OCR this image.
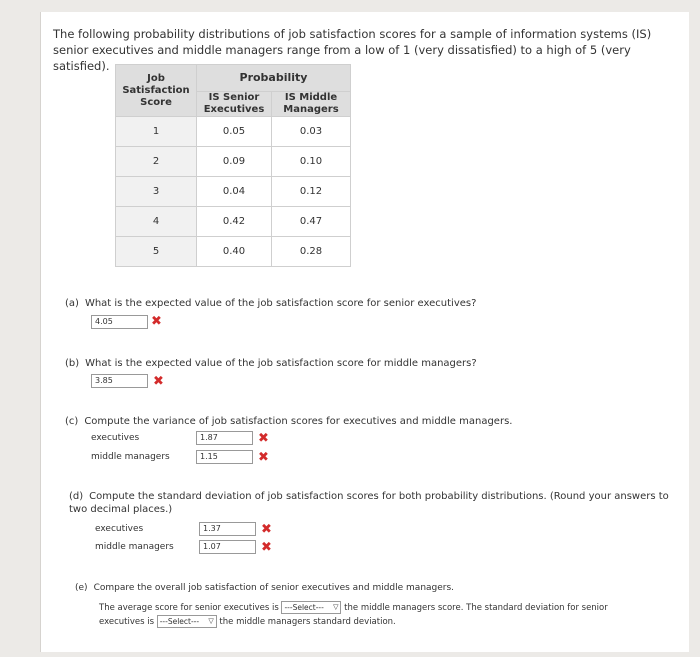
The following probability distributions of job satisfaction scores for a sample of information systems (IS) senior executives and middle managers range from a low of 1 (very dissatisfied) to a high of 5 (very satisfied).
Job Satisfaction Score	Probability	
	IS Senior Executives	IS Middle Managers
1	0.05	0.03
2	0.09	0.10
3	0.04	0.12
4	0.42	0.47
5	0.40	0.28
(a) What is the expected value of the job satisfaction score for senior executives?
4.05	✖
(b) What is the expected value of the job satisfaction score for middle managers?
3.85	✖
(c) Compute the variance of job satisfaction scores for executives and middle managers.
executives	1.87	✖
middle managers	1.15	✖
(d) Compute the standard deviation of job satisfaction scores for both probability distributions. (Round your answers to two decimal places.)
executives	1.37	✖
middle managers	1.07	✖
(e) Compare the overall job satisfaction of senior executives and middle managers.
The average score for senior executives is ---Select--- ▽ the middle managers score. The standard deviation for senior
executives is ---Select--- ▽ the middle managers standard deviation.
